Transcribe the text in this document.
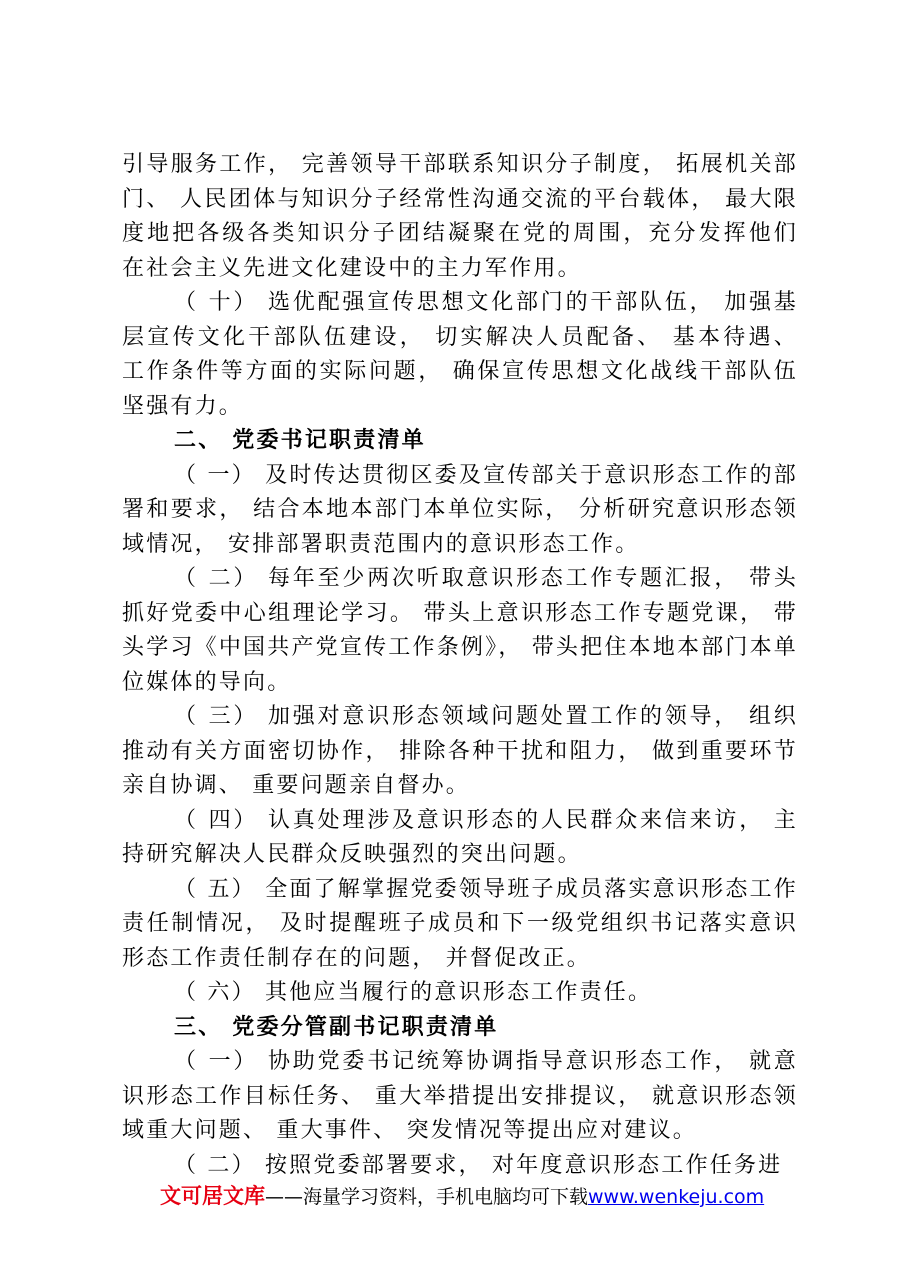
引导服务工作， 完善领导干部联系知识分子制度， 拓展机关部门、 人民团体与知识分子经常性沟通交流的平台载体， 最大限度地把各级各类知识分子团结凝聚在党的周围，充分发挥他们在社会主义先进文化建设中的主力军作用。

（ 十） 选优配强宣传思想文化部门的干部队伍， 加强基层宣传文化干部队伍建设， 切实解决人员配备、 基本待遇、 工作条件等方面的实际问题， 确保宣传思想文化战线干部队伍坚强有力。

二、 党委书记职责清单

（ 一） 及时传达贯彻区委及宣传部关于意识形态工作的部署和要求， 结合本地本部门本单位实际， 分析研究意识形态领域情况， 安排部署职责范围内的意识形态工作。

（ 二） 每年至少两次听取意识形态工作专题汇报， 带头抓好党委中心组理论学习。 带头上意识形态工作专题党课， 带头学习《中国共产党宣传工作条例》， 带头把住本地本部门本单位媒体的导向。

（ 三） 加强对意识形态领域问题处置工作的领导， 组织推动有关方面密切协作， 排除各种干扰和阻力， 做到重要环节亲自协调、 重要问题亲自督办。

（ 四） 认真处理涉及意识形态的人民群众来信来访， 主持研究解决人民群众反映强烈的突出问题。

（ 五） 全面了解掌握党委领导班子成员落实意识形态工作责任制情况， 及时提醒班子成员和下一级党组织书记落实意识形态工作责任制存在的问题， 并督促改正。

（ 六） 其他应当履行的意识形态工作责任。

三、 党委分管副书记职责清单

（ 一） 协助党委书记统筹协调指导意识形态工作， 就意识形态工作目标任务、 重大举措提出安排提议， 就意识形态领域重大问题、 重大事件、 突发情况等提出应对建议。

（ 二） 按照党委部署要求， 对年度意识形态工作任务进

文可居文库——海量学习资料，手机电脑均可下载www.wenkeju.com
